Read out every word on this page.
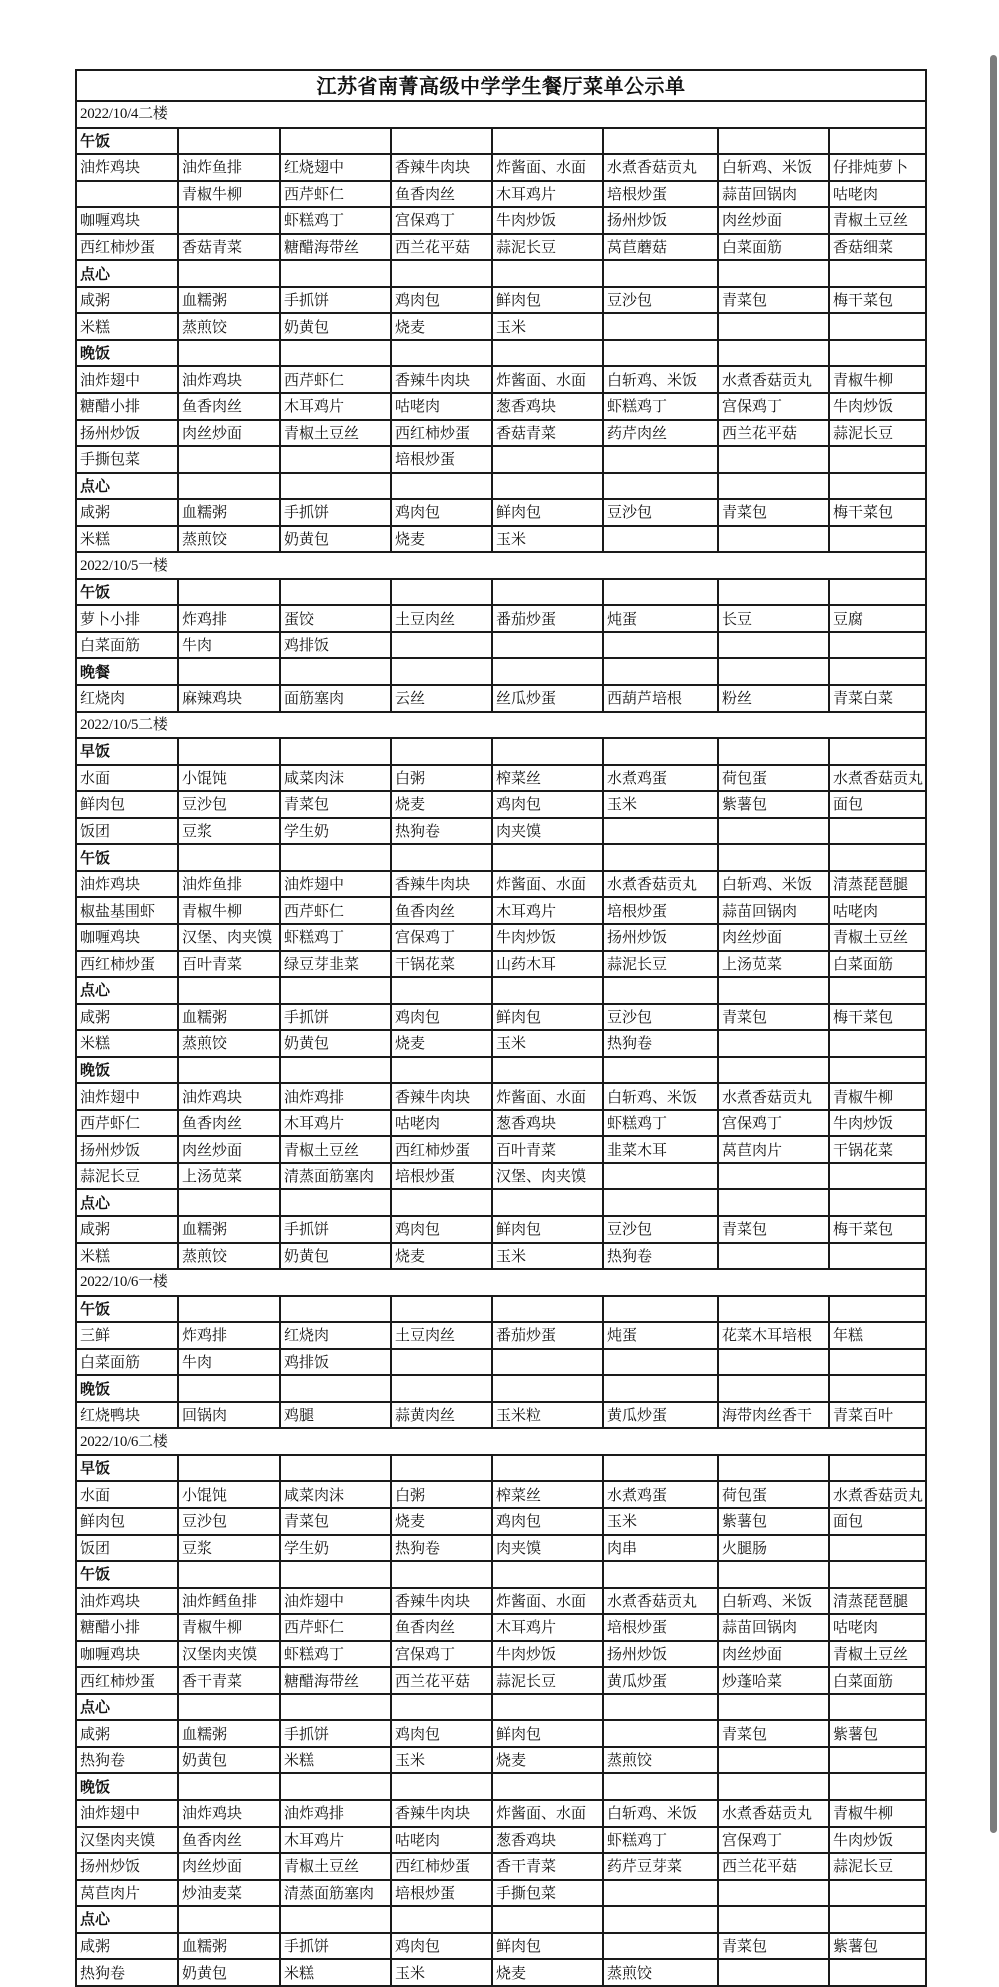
江苏省南菁高级中学学生餐厅菜单公示单							
2022/10/4二楼							
午饭							
油炸鸡块	油炸鱼排	红烧翅中	香辣牛肉块	炸酱面、水面	水煮香菇贡丸	白斩鸡、米饭	仔排炖萝卜
	青椒牛柳	西芹虾仁	鱼香肉丝	木耳鸡片	培根炒蛋	蒜苗回锅肉	咕咾肉
咖喱鸡块		虾糕鸡丁	宫保鸡丁	牛肉炒饭	扬州炒饭	肉丝炒面	青椒土豆丝
西红柿炒蛋	香菇青菜	糖醋海带丝	西兰花平菇	蒜泥长豆	莴苣蘑菇	白菜面筋	香菇细菜
点心							
咸粥	血糯粥	手抓饼	鸡肉包	鲜肉包	豆沙包	青菜包	梅干菜包
米糕	蒸煎饺	奶黄包	烧麦	玉米			
晚饭							
油炸翅中	油炸鸡块	西芹虾仁	香辣牛肉块	炸酱面、水面	白斩鸡、米饭	水煮香菇贡丸	青椒牛柳
糖醋小排	鱼香肉丝	木耳鸡片	咕咾肉	葱香鸡块	虾糕鸡丁	宫保鸡丁	牛肉炒饭
扬州炒饭	肉丝炒面	青椒土豆丝	西红柿炒蛋	香菇青菜	药芹肉丝	西兰花平菇	蒜泥长豆
手撕包菜			培根炒蛋				
点心							
咸粥	血糯粥	手抓饼	鸡肉包	鲜肉包	豆沙包	青菜包	梅干菜包
米糕	蒸煎饺	奶黄包	烧麦	玉米			
2022/10/5一楼							
午饭							
萝卜小排	炸鸡排	蛋饺	土豆肉丝	番茄炒蛋	炖蛋	长豆	豆腐
白菜面筋	牛肉	鸡排饭					
晚餐							
红烧肉	麻辣鸡块	面筋塞肉	云丝	丝瓜炒蛋	西葫芦培根	粉丝	青菜白菜
2022/10/5二楼							
早饭							
水面	小馄饨	咸菜肉沫	白粥	榨菜丝	水煮鸡蛋	荷包蛋	水煮香菇贡丸
鲜肉包	豆沙包	青菜包	烧麦	鸡肉包	玉米	紫薯包	面包
饭团	豆浆	学生奶	热狗卷	肉夹馍			
午饭							
油炸鸡块	油炸鱼排	油炸翅中	香辣牛肉块	炸酱面、水面	水煮香菇贡丸	白斩鸡、米饭	清蒸琵琶腿
椒盐基围虾	青椒牛柳	西芹虾仁	鱼香肉丝	木耳鸡片	培根炒蛋	蒜苗回锅肉	咕咾肉
咖喱鸡块	汉堡、肉夹馍	虾糕鸡丁	宫保鸡丁	牛肉炒饭	扬州炒饭	肉丝炒面	青椒土豆丝
西红柿炒蛋	百叶青菜	绿豆芽韭菜	干锅花菜	山药木耳	蒜泥长豆	上汤苋菜	白菜面筋
点心							
咸粥	血糯粥	手抓饼	鸡肉包	鲜肉包	豆沙包	青菜包	梅干菜包
米糕	蒸煎饺	奶黄包	烧麦	玉米	热狗卷		
晚饭							
油炸翅中	油炸鸡块	油炸鸡排	香辣牛肉块	炸酱面、水面	白斩鸡、米饭	水煮香菇贡丸	青椒牛柳
西芹虾仁	鱼香肉丝	木耳鸡片	咕咾肉	葱香鸡块	虾糕鸡丁	宫保鸡丁	牛肉炒饭
扬州炒饭	肉丝炒面	青椒土豆丝	西红柿炒蛋	百叶青菜	韭菜木耳	莴苣肉片	干锅花菜
蒜泥长豆	上汤苋菜	清蒸面筋塞肉	培根炒蛋	汉堡、肉夹馍			
点心							
咸粥	血糯粥	手抓饼	鸡肉包	鲜肉包	豆沙包	青菜包	梅干菜包
米糕	蒸煎饺	奶黄包	烧麦	玉米	热狗卷		
2022/10/6一楼							
午饭							
三鲜	炸鸡排	红烧肉	土豆肉丝	番茄炒蛋	炖蛋	花菜木耳培根	年糕
白菜面筋	牛肉	鸡排饭					
晚饭							
红烧鸭块	回锅肉	鸡腿	蒜黄肉丝	玉米粒	黄瓜炒蛋	海带肉丝香干	青菜百叶
2022/10/6二楼							
早饭							
水面	小馄饨	咸菜肉沫	白粥	榨菜丝	水煮鸡蛋	荷包蛋	水煮香菇贡丸
鲜肉包	豆沙包	青菜包	烧麦	鸡肉包	玉米	紫薯包	面包
饭团	豆浆	学生奶	热狗卷	肉夹馍	肉串	火腿肠	
午饭							
油炸鸡块	油炸鳕鱼排	油炸翅中	香辣牛肉块	炸酱面、水面	水煮香菇贡丸	白斩鸡、米饭	清蒸琵琶腿
糖醋小排	青椒牛柳	西芹虾仁	鱼香肉丝	木耳鸡片	培根炒蛋	蒜苗回锅肉	咕咾肉
咖喱鸡块	汉堡肉夹馍	虾糕鸡丁	宫保鸡丁	牛肉炒饭	扬州炒饭	肉丝炒面	青椒土豆丝
西红柿炒蛋	香干青菜	糖醋海带丝	西兰花平菇	蒜泥长豆	黄瓜炒蛋	炒蓬哈菜	白菜面筋
点心							
咸粥	血糯粥	手抓饼	鸡肉包	鲜肉包		青菜包	紫薯包
热狗卷	奶黄包	米糕	玉米	烧麦	蒸煎饺		
晚饭							
油炸翅中	油炸鸡块	油炸鸡排	香辣牛肉块	炸酱面、水面	白斩鸡、米饭	水煮香菇贡丸	青椒牛柳
汉堡肉夹馍	鱼香肉丝	木耳鸡片	咕咾肉	葱香鸡块	虾糕鸡丁	宫保鸡丁	牛肉炒饭
扬州炒饭	肉丝炒面	青椒土豆丝	西红柿炒蛋	香干青菜	药芹豆芽菜	西兰花平菇	蒜泥长豆
莴苣肉片	炒油麦菜	清蒸面筋塞肉	培根炒蛋	手撕包菜			
点心							
咸粥	血糯粥	手抓饼	鸡肉包	鲜肉包		青菜包	紫薯包
热狗卷	奶黄包	米糕	玉米	烧麦	蒸煎饺		
